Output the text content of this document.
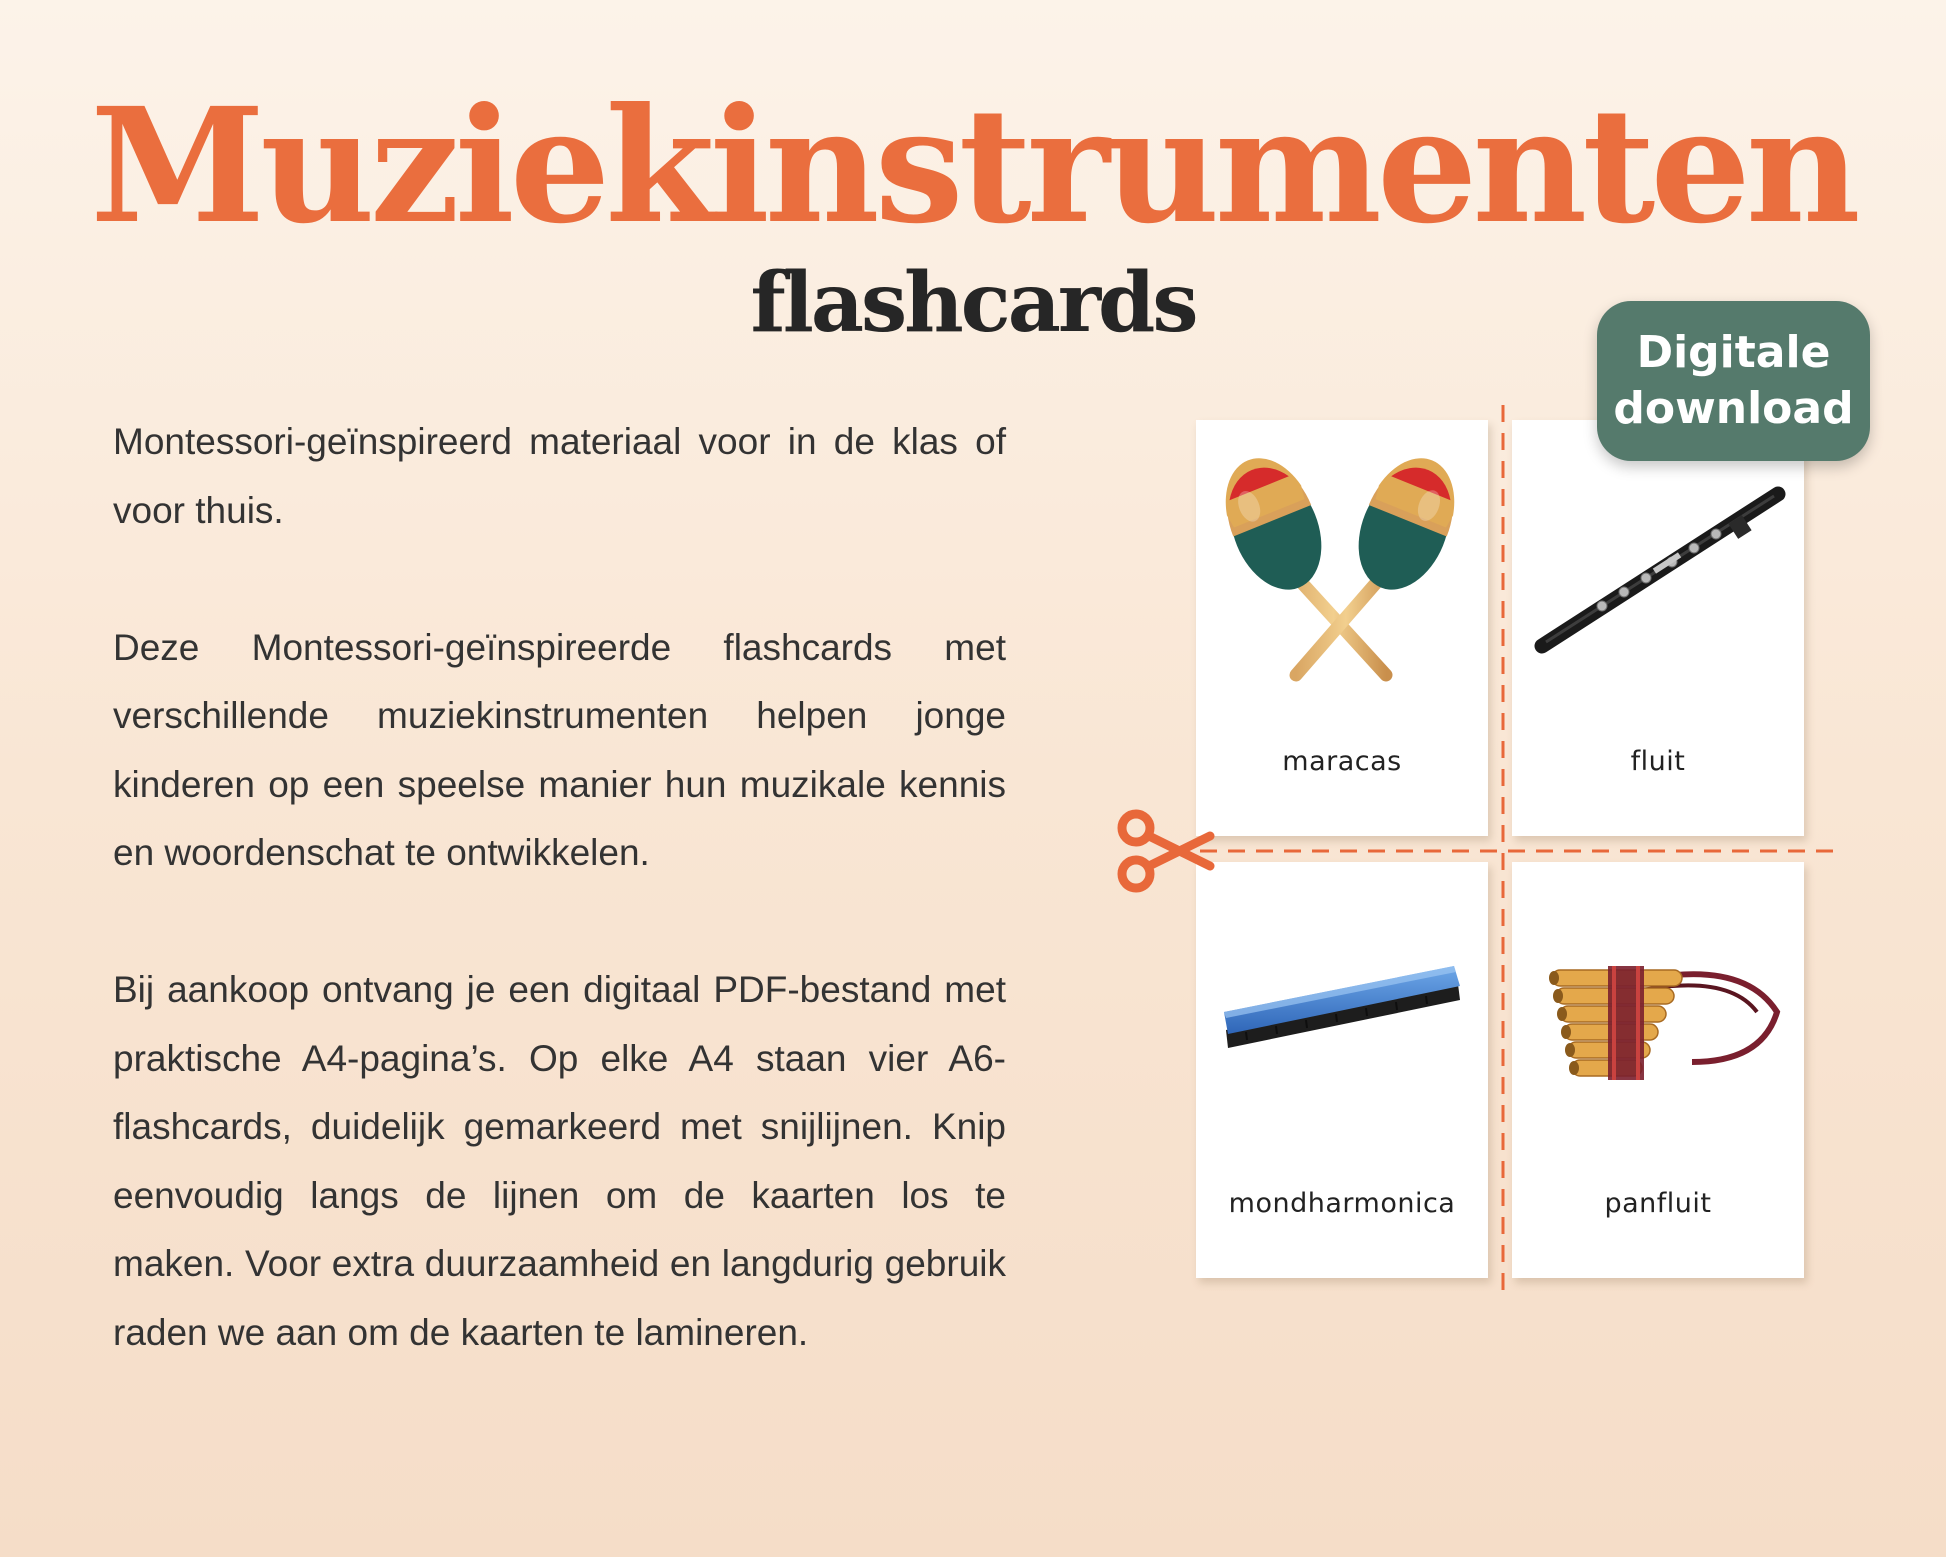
Muziekinstrumenten
flashcards

Montessori-geïnspireerd materiaal voor in de klas of voor thuis.

Deze Montessori-geïnspireerde flashcards met verschillende muziekinstrumenten helpen jonge kinderen op een speelse manier hun muzikale kennis en woordenschat te ontwikkelen.

Bij aankoop ontvang je een digitaal PDF-bestand met praktische A4-pagina’s. Op elke A4 staan vier A6-flashcards, duidelijk gemarkeerd met snijlijnen. Knip eenvoudig langs de lijnen om de kaarten los te maken. Voor extra duurzaamheid en langdurig gebruik raden we aan om de kaarten te lamineren.

maracas	fluit
mondharmonica	panfluit
Digitale
download
